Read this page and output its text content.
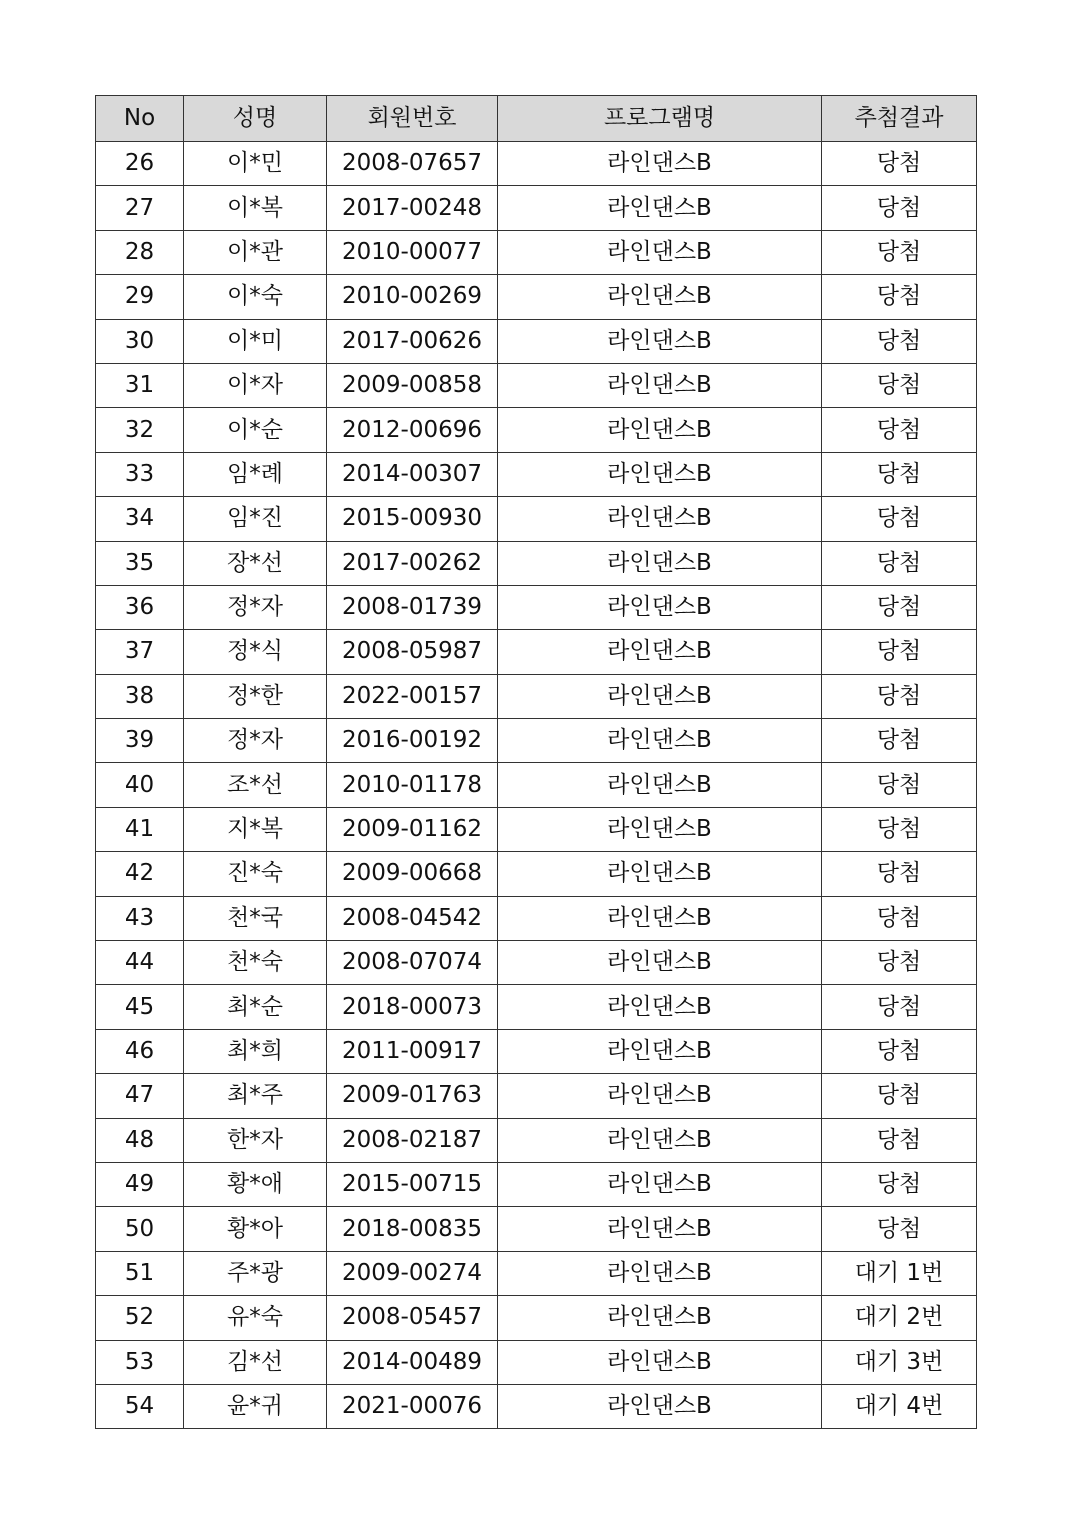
No	성명	회원번호	프로그램명	추첨결과
26	이*민	2008-07657	라인댄스B	당첨
27	이*복	2017-00248	라인댄스B	당첨
28	이*관	2010-00077	라인댄스B	당첨
29	이*숙	2010-00269	라인댄스B	당첨
30	이*미	2017-00626	라인댄스B	당첨
31	이*자	2009-00858	라인댄스B	당첨
32	이*순	2012-00696	라인댄스B	당첨
33	임*례	2014-00307	라인댄스B	당첨
34	임*진	2015-00930	라인댄스B	당첨
35	장*선	2017-00262	라인댄스B	당첨
36	정*자	2008-01739	라인댄스B	당첨
37	정*식	2008-05987	라인댄스B	당첨
38	정*한	2022-00157	라인댄스B	당첨
39	정*자	2016-00192	라인댄스B	당첨
40	조*선	2010-01178	라인댄스B	당첨
41	지*복	2009-01162	라인댄스B	당첨
42	진*숙	2009-00668	라인댄스B	당첨
43	천*국	2008-04542	라인댄스B	당첨
44	천*숙	2008-07074	라인댄스B	당첨
45	최*순	2018-00073	라인댄스B	당첨
46	최*희	2011-00917	라인댄스B	당첨
47	최*주	2009-01763	라인댄스B	당첨
48	한*자	2008-02187	라인댄스B	당첨
49	황*애	2015-00715	라인댄스B	당첨
50	황*아	2018-00835	라인댄스B	당첨
51	주*광	2009-00274	라인댄스B	대기 1번
52	유*숙	2008-05457	라인댄스B	대기 2번
53	김*선	2014-00489	라인댄스B	대기 3번
54	윤*귀	2021-00076	라인댄스B	대기 4번
